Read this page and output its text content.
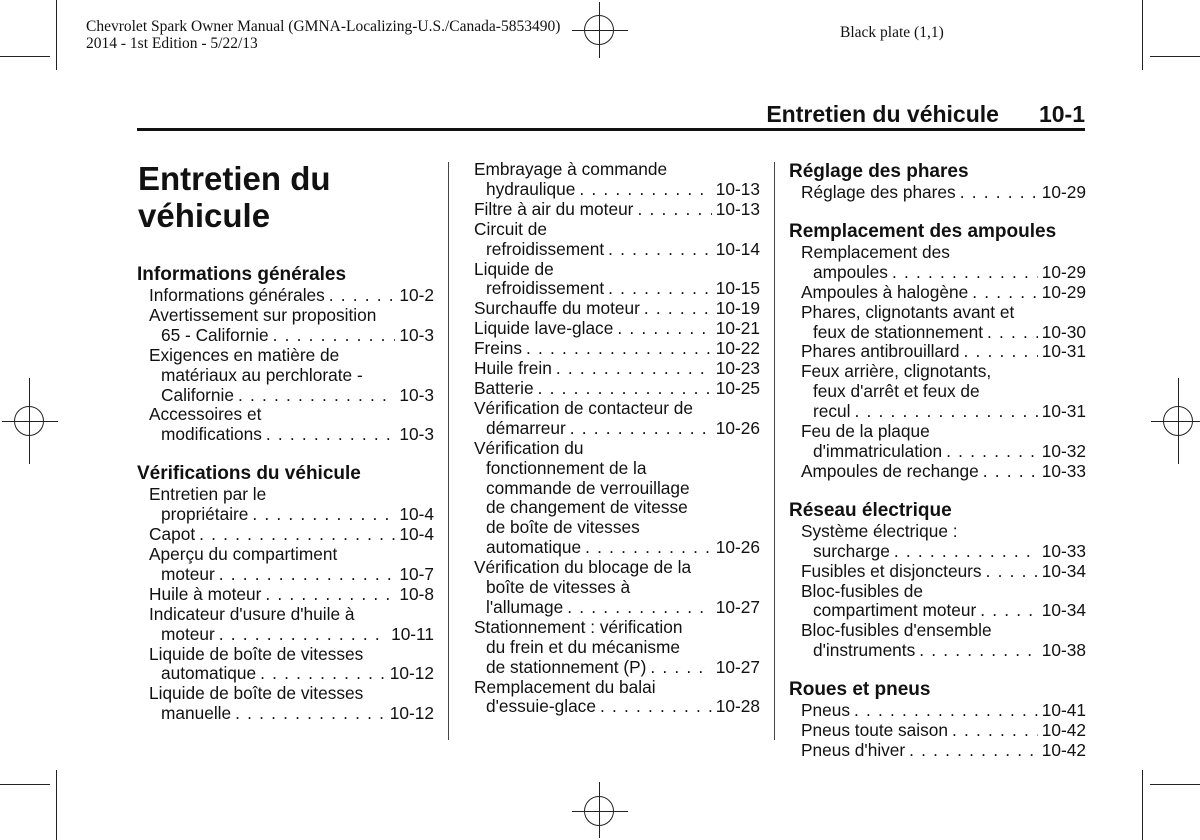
Chevrolet Spark Owner Manual (GMNA-Localizing-U.S./Canada-5853490)
2014 - 1st Edition - 5/22/13
Black plate (1,1)
Entretien du véhicule 10-1
Entretien du
véhicule
Informations générales
Informations générales . . .	10-2
Avertissement sur proposition
65 - Californie . . .	10-3
Exigences en matière de
matériaux au perchlorate -
Californie . . .	10-3
Accessoires et
modifications . . .	10-3
Vérifications du véhicule
Entretien par le
propriétaire . . .	10-4
Capot . . .	10-4
Aperçu du compartiment
moteur . . .	10-7
Huile à moteur . . .	10-8
Indicateur d'usure d'huile à
moteur . . .	10-11
Liquide de boîte de vitesses
automatique . . .	10-12
Liquide de boîte de vitesses
manuelle . . .	10-12
Embrayage à commande
hydraulique . . .	10-13
Filtre à air du moteur . . .	10-13
Circuit de
refroidissement . . .	10-14
Liquide de
refroidissement . . .	10-15
Surchauffe du moteur . . .	10-19
Liquide lave-glace . . .	10-21
Freins . . .	10-22
Huile frein . . .	10-23
Batterie . . .	10-25
Vérification de contacteur de
démarreur . . .	10-26
Vérification du
fonctionnement de la
commande de verrouillage
de changement de vitesse
de boîte de vitesses
automatique . . .	10-26
Vérification du blocage de la
boîte de vitesses à
l'allumage . . .	10-27
Stationnement : vérification
du frein et du mécanisme
de stationnement (P) . . .	10-27
Remplacement du balai
d'essuie-glace . . .	10-28
Réglage des phares
Réglage des phares . . .	10-29
Remplacement des ampoules
Remplacement des
ampoules . . .	10-29
Ampoules à halogène . . .	10-29
Phares, clignotants avant et
feux de stationnement . . .	10-30
Phares antibrouillard . . .	10-31
Feux arrière, clignotants,
feux d'arrêt et feux de
recul . . .	10-31
Feu de la plaque
d'immatriculation . . .	10-32
Ampoules de rechange . . .	10-33
Réseau électrique
Système électrique :
surcharge . . .	10-33
Fusibles et disjoncteurs . . .	10-34
Bloc-fusibles de
compartiment moteur . . .	10-34
Bloc-fusibles d'ensemble
d'instruments . . .	10-38
Roues et pneus
Pneus . . .	10-41
Pneus toute saison . . .	10-42
Pneus d'hiver . . .	10-42
